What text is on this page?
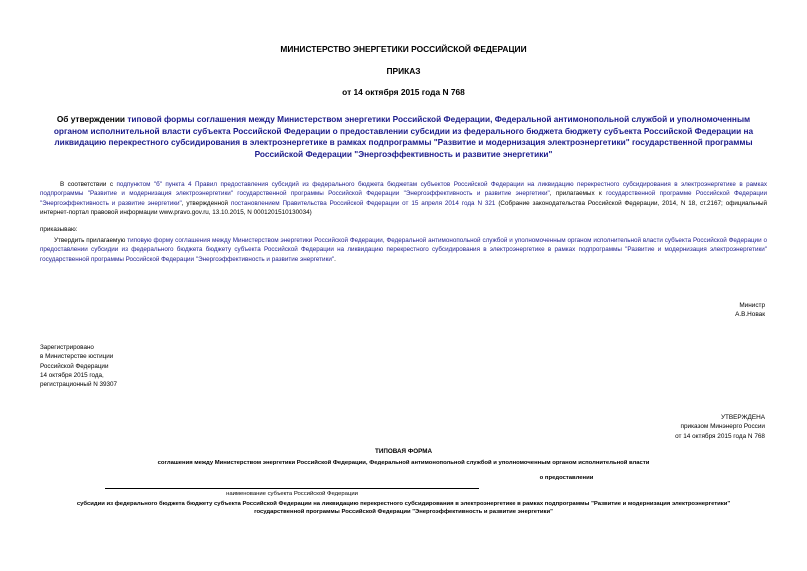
МИНИСТЕРСТВО ЭНЕРГЕТИКИ РОССИЙСКОЙ ФЕДЕРАЦИИ
ПРИКАЗ
от 14 октября 2015 года N 768
Об утверждении типовой формы соглашения между Министерством энергетики Российской Федерации, Федеральной антимонопольной службой и уполномоченным органом исполнительной власти субъекта Российской Федерации о предоставлении субсидии из федерального бюджета бюджету субъекта Российской Федерации на ликвидацию перекрестного субсидирования в электроэнергетике в рамках подпрограммы "Развитие и модернизация электроэнергетики" государственной программы Российской Федерации "Энергоэффективность и развитие энергетики"
В соответствии с подпунктом "б" пункта 4 Правил предоставления субсидий из федерального бюджета бюджетам субъектов Российской Федерации на ликвидацию перекрестного субсидирования в электроэнергетике в рамках подпрограммы "Развитие и модернизация электроэнергетики" государственной программы Российской Федерации "Энергоэффективность и развитие энергетики", прилагаемых к государственной программе Российской Федерации "Энергоэффективность и развитие энергетики", утвержденной постановлением Правительства Российской Федерации от 15 апреля 2014 года N 321 (Собрание законодательства Российской Федерации, 2014, N 18, ст.2167; официальный интернет-портал правовой информации www.pravo.gov.ru, 13.10.2015, N 0001201510130034)
приказываю:
Утвердить прилагаемую типовую форму соглашения между Министерством энергетики Российской Федерации, Федеральной антимонопольной службой и уполномоченным органом исполнительной власти субъекта Российской Федерации о предоставлении субсидии из федерального бюджета бюджету субъекта Российской Федерации на ликвидацию перекрестного субсидирования в электроэнергетике в рамках подпрограммы "Развитие и модернизация электроэнергетики" государственной программы Российской Федерации "Энергоэффективность и развитие энергетики".
Министр
А.В.Новак
Зарегистрировано
в Министерстве юстиции
Российской Федерации
14 октября 2015 года,
регистрационный N 39307
УТВЕРЖДЕНА
приказом Минэнерго России
от 14 октября 2015 года N 768
ТИПОВАЯ ФОРМА
соглашения между Министерством энергетики Российской Федерации, Федеральной антимонопольной службой и уполномоченным органом исполнительной власти
о предоставлении
наименование субъекта Российской Федерации
субсидии из федерального бюджета бюджету субъекта Российской Федерации на ликвидацию перекрестного субсидирования в электроэнергетике в рамках подпрограммы "Развитие и модернизация электроэнергетики" государственной программы Российской Федерации "Энергоэффективность и развитие энергетики"
